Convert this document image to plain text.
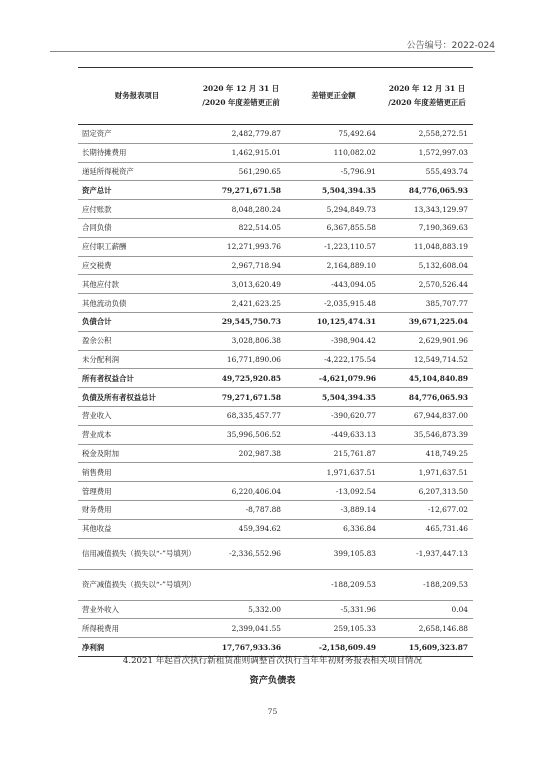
公告编号：2022-024
财务报表项目	2020 年 12 月 31 日 /2020 年度差错更正前	差错更正金额	2020 年 12 月 31 日 /2020 年度差错更正后
固定资产	2,482,779.87	75,492.64	2,558,272.51
长期待摊费用	1,462,915.01	110,082.02	1,572,997.03
递延所得税资产	561,290.65	-5,796.91	555,493.74
资产总计	79,271,671.58	5,504,394.35	84,776,065.93
应付账款	8,048,280.24	5,294,849.73	13,343,129.97
合同负债	822,514.05	6,367,855.58	7,190,369.63
应付职工薪酬	12,271,993.76	-1,223,110.57	11,048,883.19
应交税费	2,967,718.94	2,164,889.10	5,132,608.04
其他应付款	3,013,620.49	-443,094.05	2,570,526.44
其他流动负债	2,421,623.25	-2,035,915.48	385,707.77
负债合计	29,545,750.73	10,125,474.31	39,671,225.04
盈余公积	3,028,806.38	-398,904.42	2,629,901.96
未分配利润	16,771,890.06	-4,222,175.54	12,549,714.52
所有者权益合计	49,725,920.85	-4,621,079.96	45,104,840.89
负债及所有者权益总计	79,271,671.58	5,504,394.35	84,776,065.93
营业收入	68,335,457.77	-390,620.77	67,944,837.00
营业成本	35,996,506.52	-449,633.13	35,546,873.39
税金及附加	202,987.38	215,761.87	418,749.25
销售费用		1,971,637.51	1,971,637.51
管理费用	6,220,406.04	-13,092.54	6,207,313.50
财务费用	-8,787.88	-3,889.14	-12,677.02
其他收益	459,394.62	6,336.84	465,731.46
信用减值损失（损失以“-”号填列）	-2,336,552.96	399,105.83	-1,937,447.13
资产减值损失（损失以“-”号填列）		-188,209.53	-188,209.53
营业外收入	5,332.00	-5,331.96	0.04
所得税费用	2,399,041.55	259,105.33	2,658,146.88
净利润	17,767,933.36	-2,158,609.49	15,609,323.87
4.2021 年起首次执行新租赁准则调整首次执行当年年初财务报表相关项目情况
资产负债表
75
